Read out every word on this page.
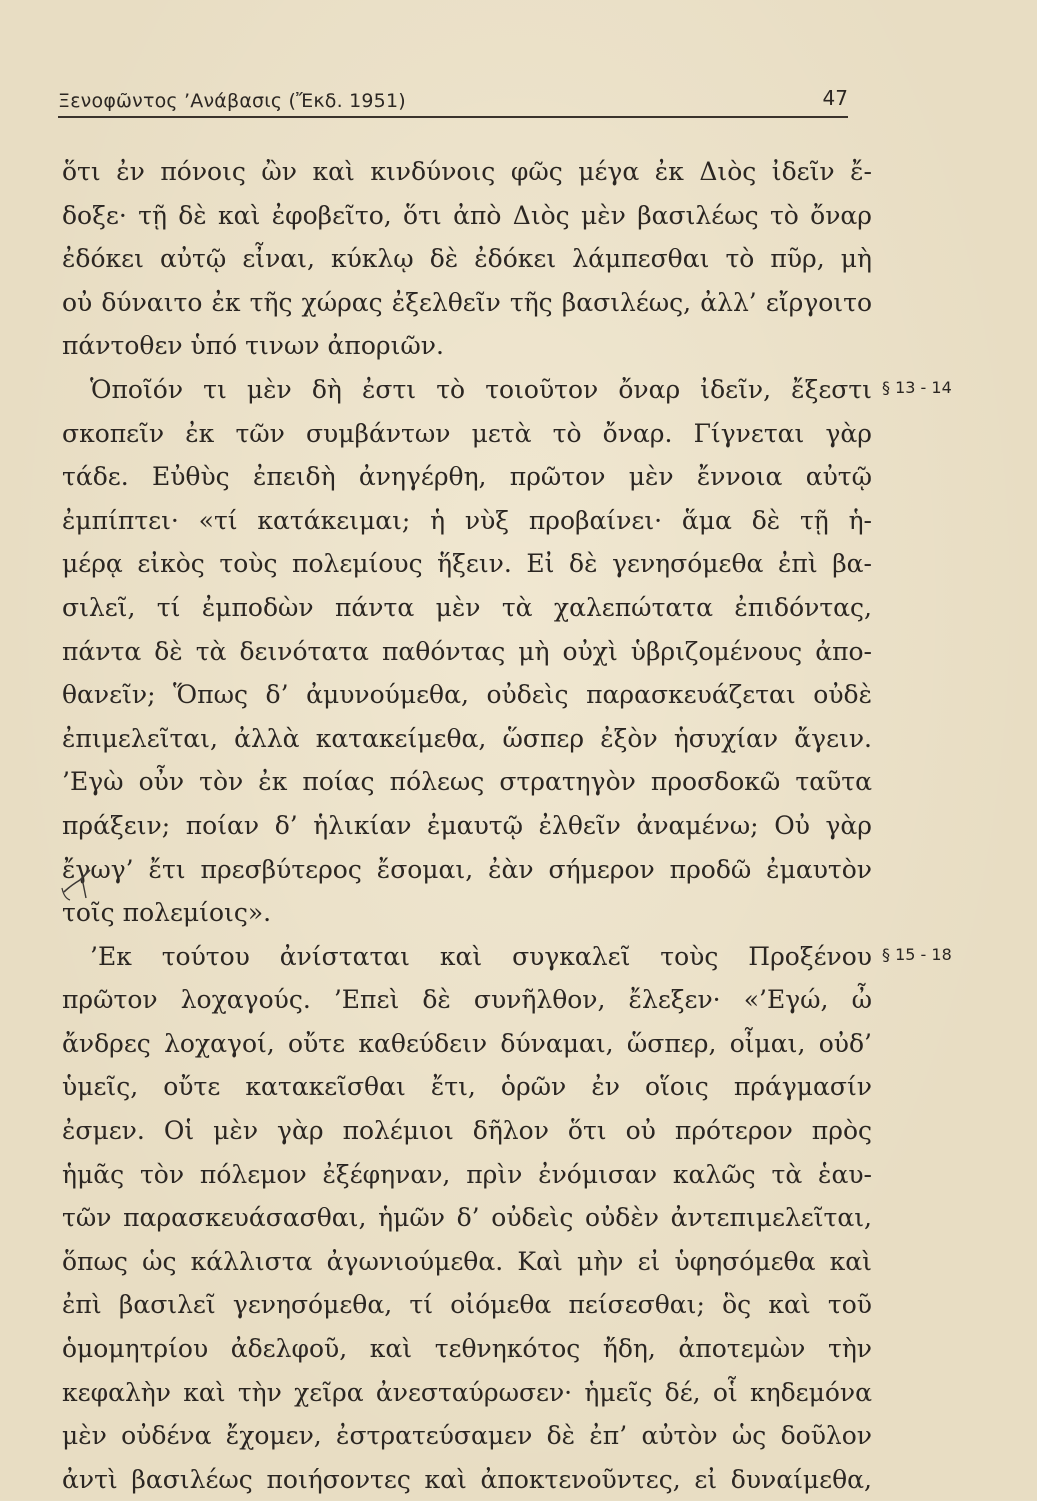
Ξενοφῶντος ’Ανάβασις (Ἔκδ. 1951)	47
ὅτι ἐν πόνοις ὢν καὶ κινδύνοις φῶς μέγα ἐκ Διὸς ἰδεῖν ἔ-
δοξε· τῇ δὲ καὶ ἐφοβεῖτο, ὅτι ἀπὸ Διὸς μὲν βασιλέως τὸ ὄναρ
ἐδόκει αὐτῷ εἶναι, κύκλῳ δὲ ἐδόκει λάμπεσθαι τὸ πῦρ, μὴ
οὐ δύναιτο ἐκ τῆς χώρας ἐξελθεῖν τῆς βασιλέως, ἀλλ’ εἴργοιτο
πάντοθεν ὑπό τινων ἀποριῶν.
Ὁποῖόν τι μὲν δὴ ἐστι τὸ τοιοῦτον ὄναρ ἰδεῖν, ἔξεστι
σκοπεῖν ἐκ τῶν συμβάντων μετὰ τὸ ὄναρ. Γίγνεται γὰρ
τάδε. Εὐθὺς ἐπειδὴ ἀνηγέρθη, πρῶτον μὲν ἔννοια αὐτῷ
ἐμπίπτει· «τί κατάκειμαι; ἡ νὺξ προβαίνει· ἅμα δὲ τῇ ἡ-
μέρᾳ εἰκὸς τοὺς πολεμίους ἥξειν. Εἰ δὲ γενησόμεθα ἐπὶ βα-
σιλεῖ, τί ἐμποδὼν πάντα μὲν τὰ χαλεπώτατα ἐπιδόντας,
πάντα δὲ τὰ δεινότατα παθόντας μὴ οὐχὶ ὑβριζομένους ἀπο-
θανεῖν; Ὅπως δ’ ἀμυνούμεθα, οὐδεὶς παρασκευάζεται οὐδὲ
ἐπιμελεῖται, ἀλλὰ κατακείμεθα, ὥσπερ ἐξὸν ἡσυχίαν ἄγειν.
’Εγὼ οὖν τὸν ἐκ ποίας πόλεως στρατηγὸν προσδοκῶ ταῦτα
πράξειν; ποίαν δ’ ἡλικίαν ἐμαυτῷ ἐλθεῖν ἀναμένω; Οὐ γὰρ
ἔγωγ’ ἔτι πρεσβύτερος ἔσομαι, ἐὰν σήμερον προδῶ ἐμαυτὸν
τοῖς πολεμίοις».
’Εκ τούτου ἀνίσταται καὶ συγκαλεῖ τοὺς Προξένου
πρῶτον λοχαγούς. ’Επεὶ δὲ συνῆλθον, ἔλεξεν· «’Εγώ, ὦ
ἄνδρες λοχαγοί, οὔτε καθεύδειν δύναμαι, ὥσπερ, οἶμαι, οὐδ’
ὑμεῖς, οὔτε κατακεῖσθαι ἔτι, ὁρῶν ἐν οἵοις πράγμασίν
ἐσμεν. Οἱ μὲν γὰρ πολέμιοι δῆλον ὅτι οὐ πρότερον πρὸς
ἡμᾶς τὸν πόλεμον ἐξέφηναν, πρὶν ἐνόμισαν καλῶς τὰ ἑαυ-
τῶν παρασκευάσασθαι, ἡμῶν δ’ οὐδεὶς οὐδὲν ἀντεπιμελεῖται,
ὅπως ὡς κάλλιστα ἀγωνιούμεθα. Καὶ μὴν εἰ ὑφησόμεθα καὶ
ἐπὶ βασιλεῖ γενησόμεθα, τί οἰόμεθα πείσεσθαι; ὃς καὶ τοῦ
ὁμομητρίου ἀδελφοῦ, καὶ τεθνηκότος ἤδη, ἀποτεμὼν τὴν
κεφαλὴν καὶ τὴν χεῖρα ἀνεσταύρωσεν· ἡμεῖς δέ, οἷ κηδεμόνα
μὲν οὐδένα ἔχομεν, ἐστρατεύσαμεν δὲ ἐπ’ αὐτὸν ὡς δοῦλον
ἀντὶ βασιλέως ποιήσοντες καὶ ἀποκτενοῦντες, εἰ δυναίμεθα,
§ 13 - 14
§ 15 - 18
